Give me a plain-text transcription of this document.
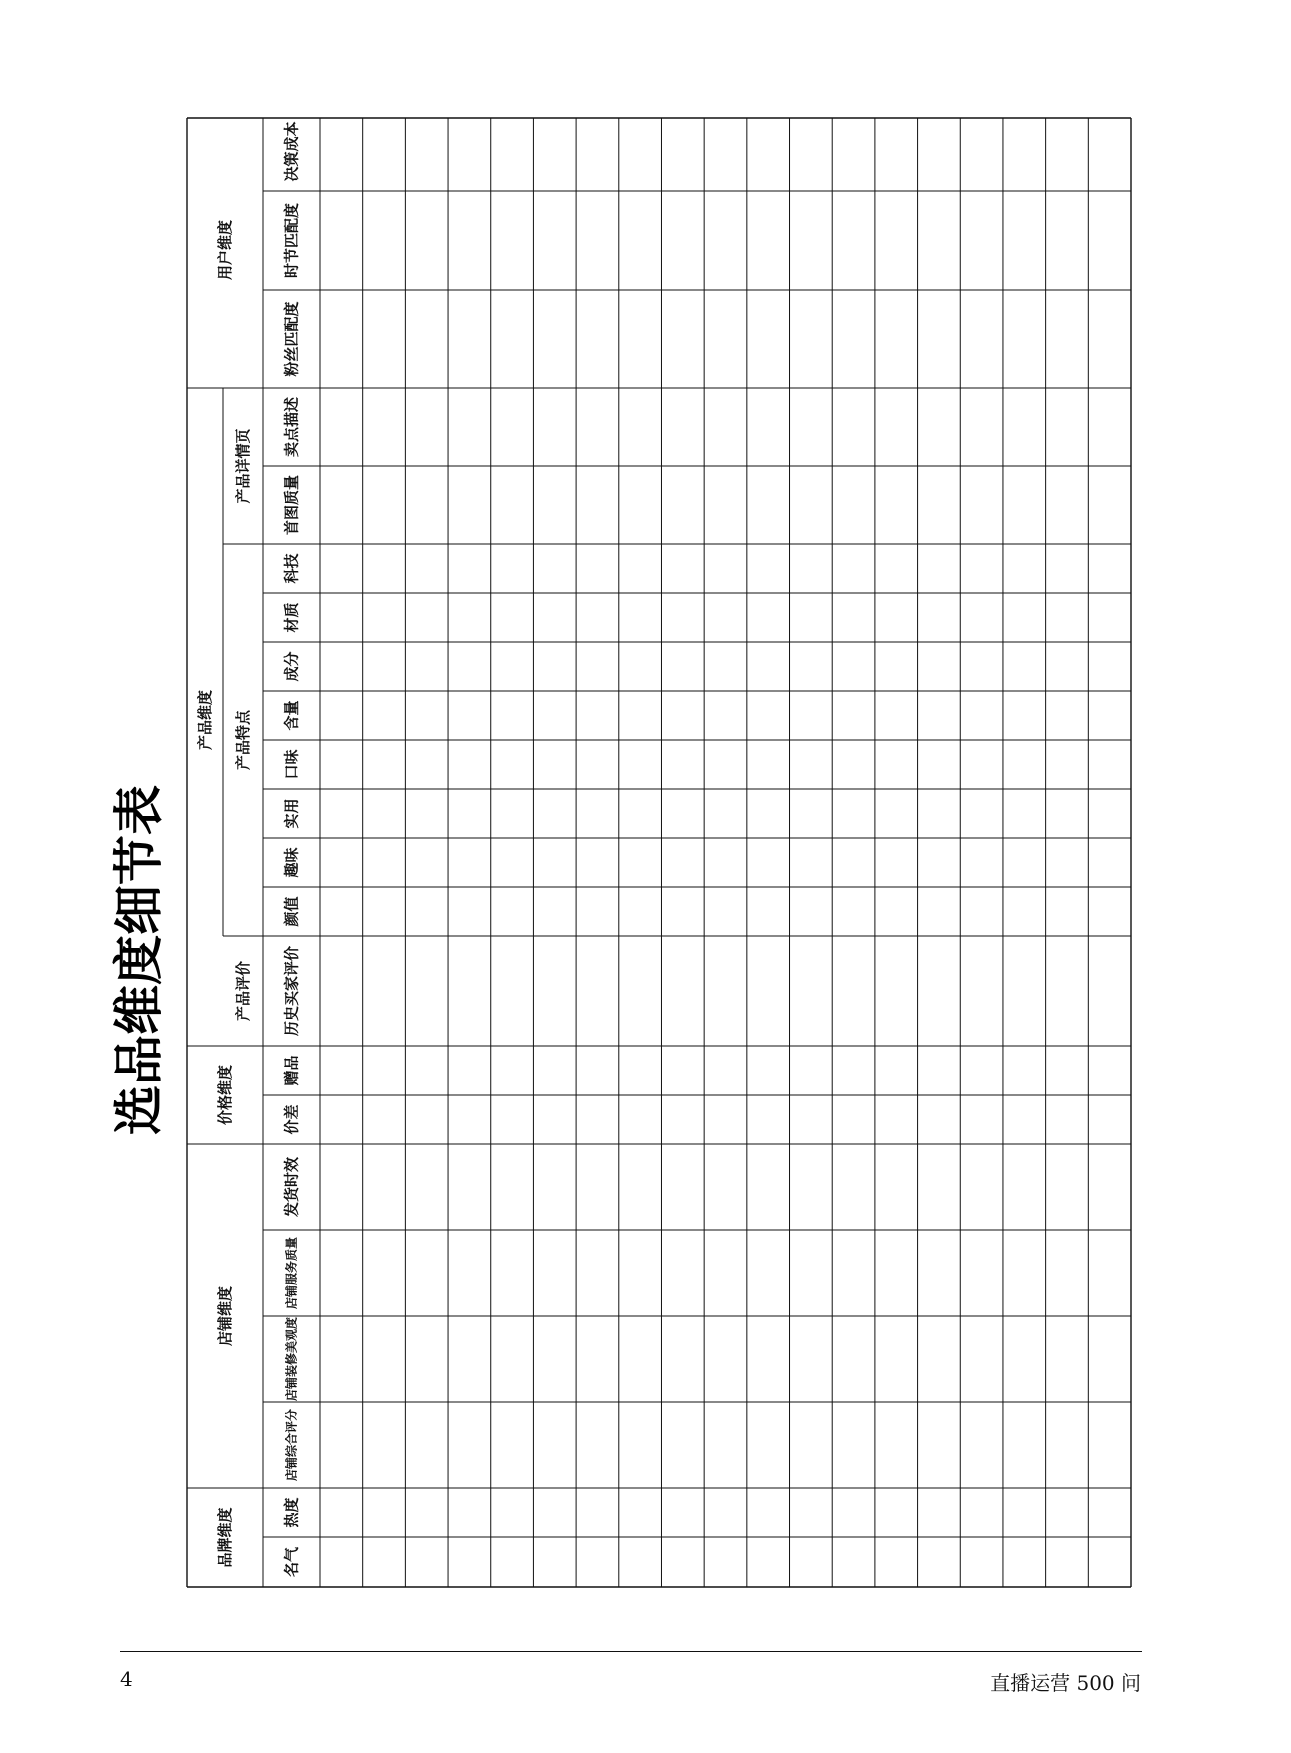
选品维度细节表
品牌维度
店铺维度
价格维度
产品维度
用户维度
产品评价
产品特点
产品详情页
名气
热度
店铺综合评分
店铺装修美观度
店铺服务质量
发货时效
价差
赠品
历史买家评价
颜值
趣味
实用
口味
含量
成分
材质
科技
首图质量
卖点描述
粉丝匹配度
时节匹配度
决策成本
4	直播运营 500 问
